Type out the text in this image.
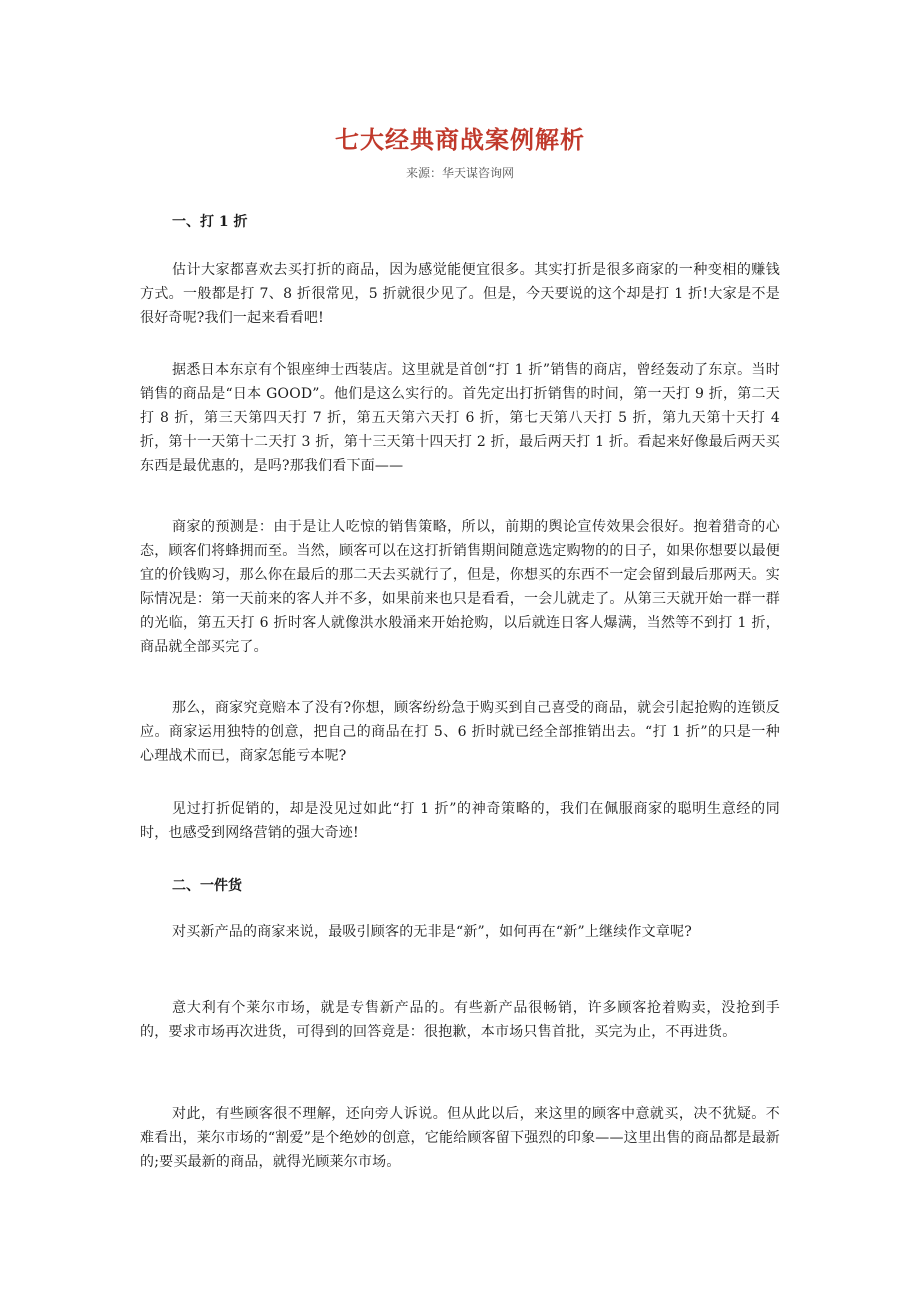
七大经典商战案例解析

来源：华天谋咨询网

一、打 1 折

估计大家都喜欢去买打折的商品，因为感觉能便宜很多。其实打折是很多商家的一种变相的赚钱方式。一般都是打 7、8 折很常见，5 折就很少见了。但是，今天要说的这个却是打 1 折!大家是不是很好奇呢?我们一起来看看吧!

据悉日本东京有个银座绅士西装店。这里就是首创“打 1 折”销售的商店，曾经轰动了东京。当时销售的商品是“日本 GOOD”。他们是这么实行的。首先定出打折销售的时间，第一天打 9 折，第二天打 8 折，第三天第四天打 7 折，第五天第六天打 6 折，第七天第八天打 5 折，第九天第十天打 4 折，第十一天第十二天打 3 折，第十三天第十四天打 2 折，最后两天打 1 折。看起来好像最后两天买东西是最优惠的，是吗?那我们看下面——

商家的预测是：由于是让人吃惊的销售策略，所以，前期的舆论宣传效果会很好。抱着猎奇的心态，顾客们将蜂拥而至。当然，顾客可以在这打折销售期间随意选定购物的的日子，如果你想要以最便宜的价钱购习，那么你在最后的那二天去买就行了，但是，你想买的东西不一定会留到最后那两天。实际情况是：第一天前来的客人并不多，如果前来也只是看看，一会儿就走了。从第三天就开始一群一群的光临，第五天打 6 折时客人就像洪水般涌来开始抢购，以后就连日客人爆满，当然等不到打 1 折，商品就全部买完了。

那么，商家究竟赔本了没有?你想，顾客纷纷急于购买到自己喜受的商品，就会引起抢购的连锁反应。商家运用独特的创意，把自己的商品在打 5、6 折时就已经全部推销出去。“打 1 折”的只是一种心理战术而已，商家怎能亏本呢?

见过打折促销的，却是没见过如此“打 1 折”的神奇策略的，我们在佩服商家的聪明生意经的同时，也感受到网络营销的强大奇迹!

二、一件货

对买新产品的商家来说，最吸引顾客的无非是“新”，如何再在“新”上继续作文章呢?

意大利有个莱尔市场，就是专售新产品的。有些新产品很畅销，许多顾客抢着购卖，没抢到手的，要求市场再次进货，可得到的回答竟是：很抱歉，本市场只售首批，买完为止，不再进货。

对此，有些顾客很不理解，还向旁人诉说。但从此以后，来这里的顾客中意就买，决不犹疑。不难看出，莱尔市场的“割爱”是个绝妙的创意，它能给顾客留下强烈的印象——这里出售的商品都是最新的;要买最新的商品，就得光顾莱尔市场。
